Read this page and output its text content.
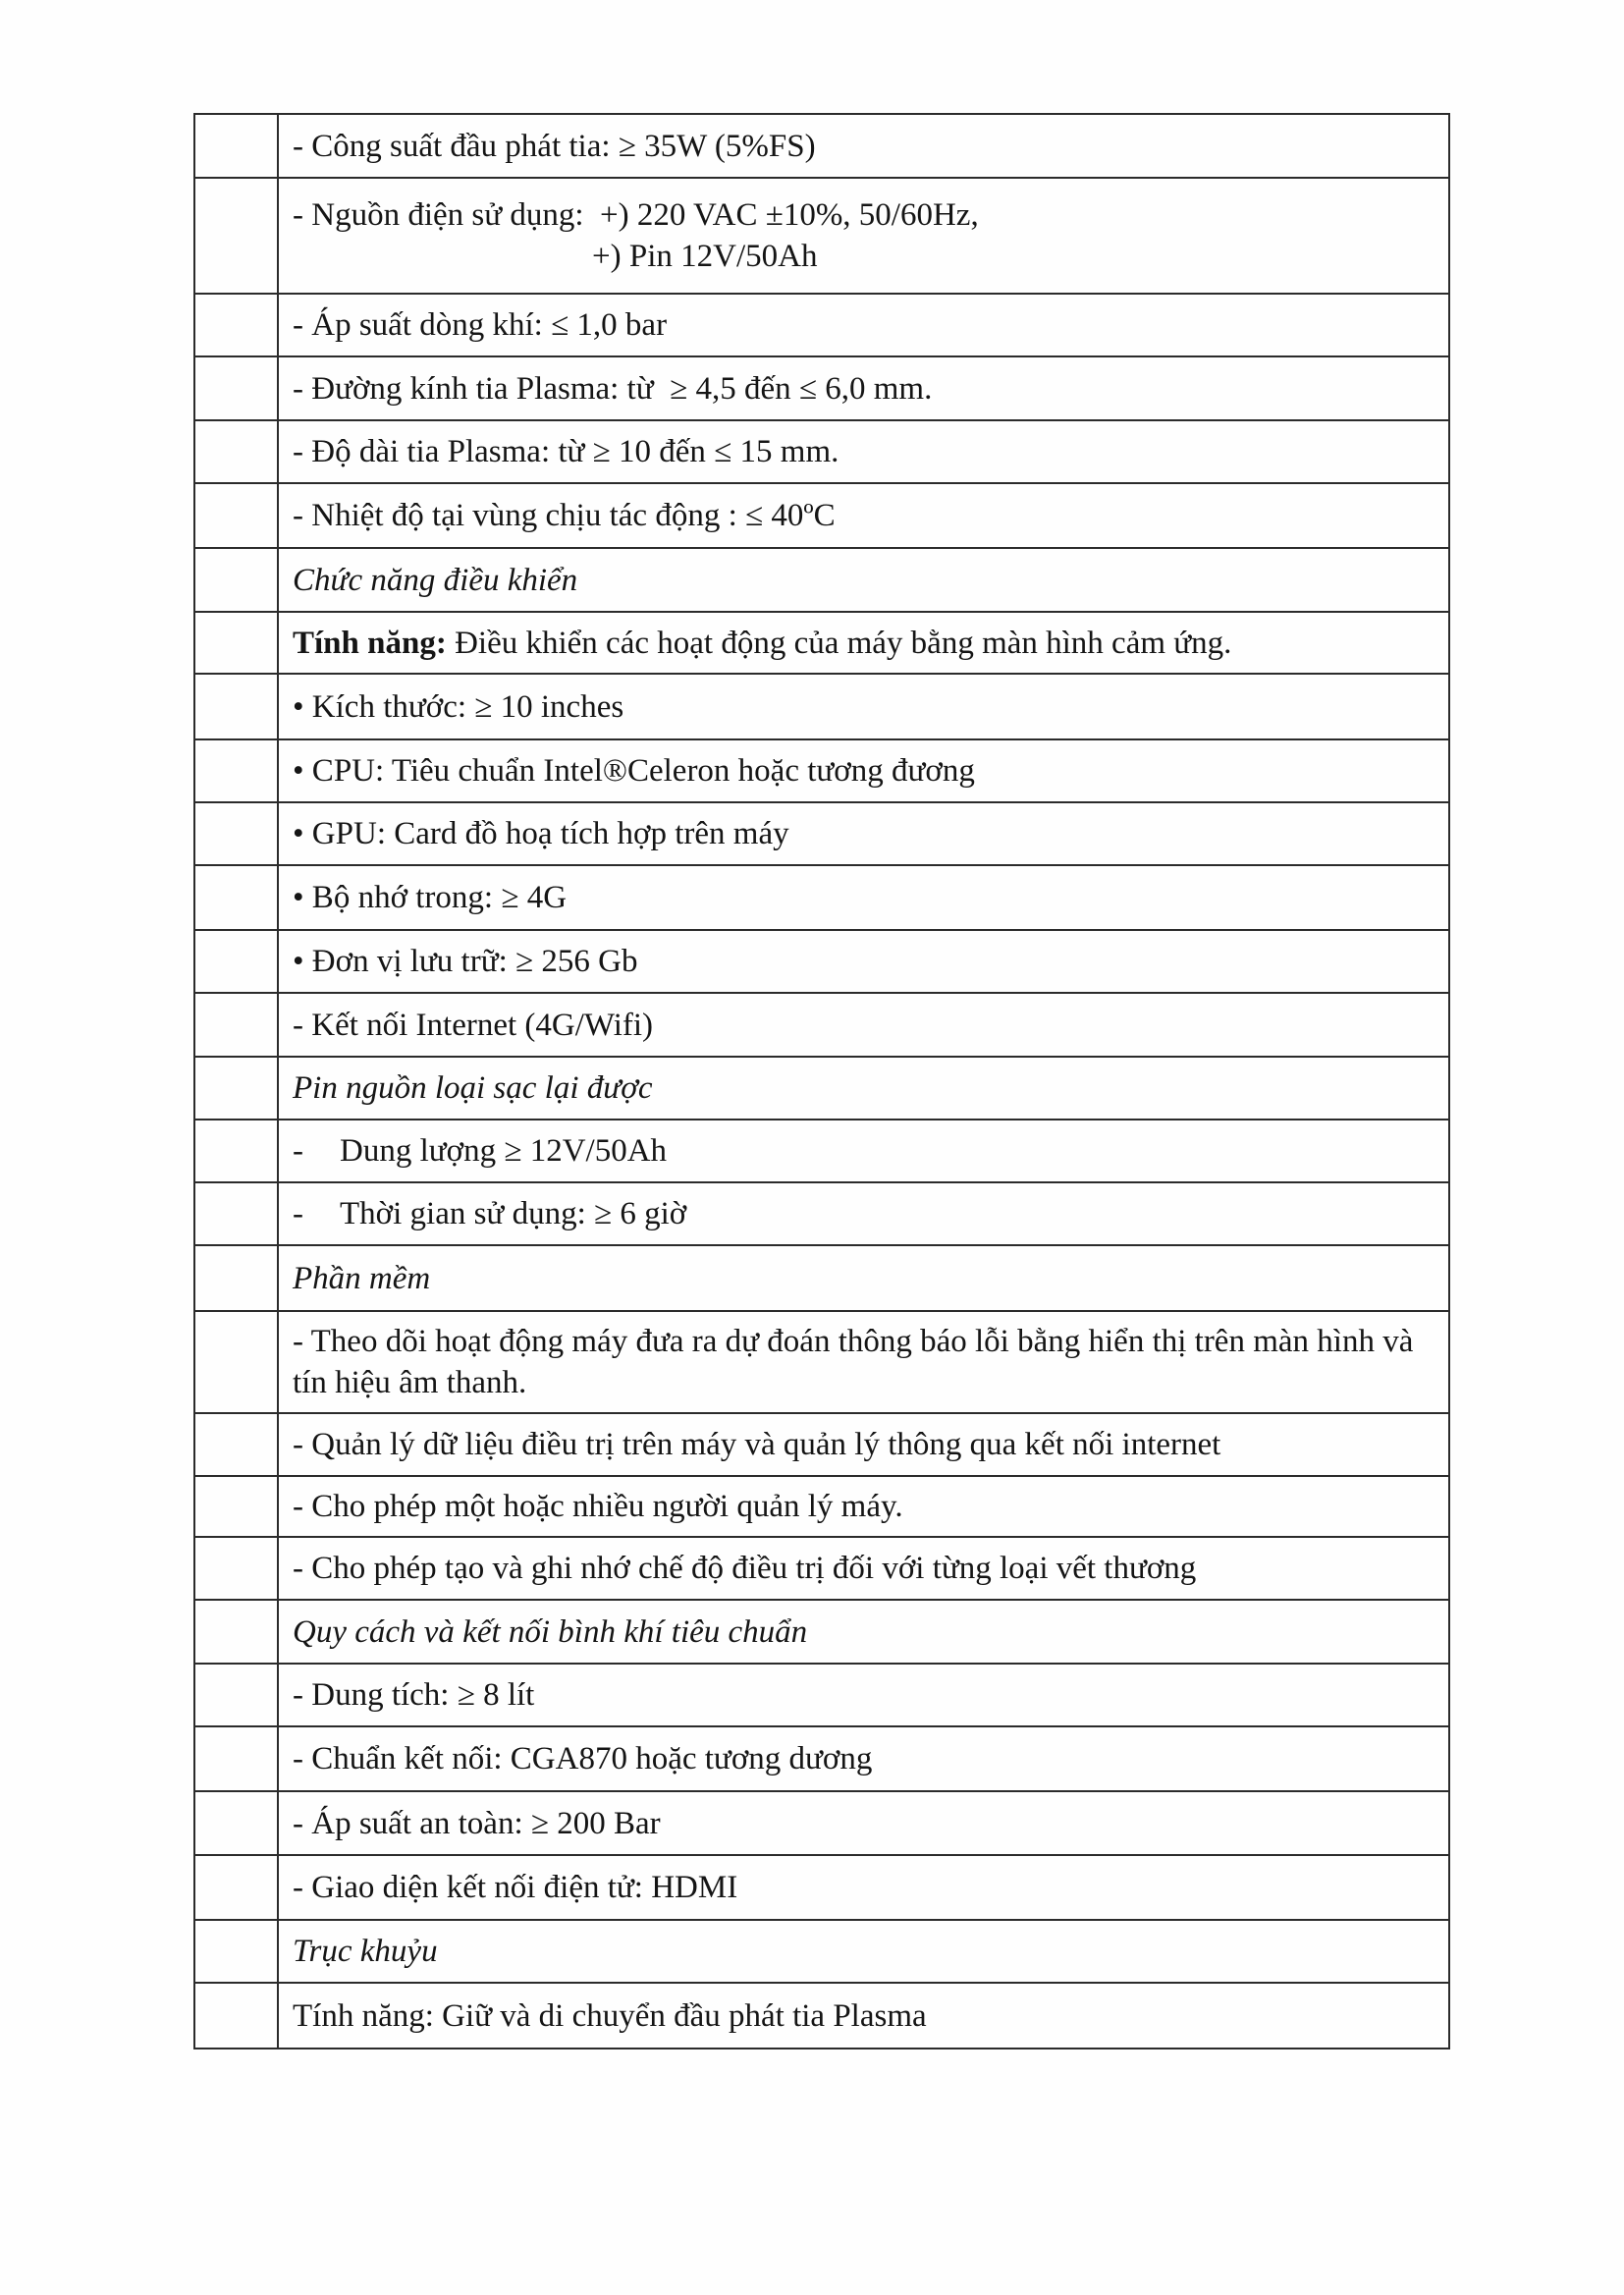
	- Công suất đầu phát tia: ≥ 35W (5%FS)
	- Nguồn điện sử dụng:  +) 220 VAC ±10%, 50/60Hz,
+) Pin 12V/50Ah

	- Áp suất dòng khí: ≤ 1,0 bar
	- Đường kính tia Plasma: từ  ≥ 4,5 đến ≤ 6,0 mm.
	- Độ dài tia Plasma: từ ≥ 10 đến ≤ 15 mm.
	- Nhiệt độ tại vùng chịu tác động : ≤ 40ºC
	Chức năng điều khiển
	Tính năng: Điều khiển các hoạt động của máy bằng màn hình cảm ứng.
	• Kích thước: ≥ 10 inches
	• CPU: Tiêu chuẩn Intel®Celeron hoặc tương đương
	• GPU: Card đồ hoạ tích hợp trên máy
	• Bộ nhớ trong: ≥ 4G
	• Đơn vị lưu trữ: ≥ 256 Gb
	- Kết nối Internet (4G/Wifi)
	Pin nguồn loại sạc lại được
	- Dung lượng ≥ 12V/50Ah
	- Thời gian sử dụng: ≥ 6 giờ
	Phần mềm

	- Theo dõi hoạt động máy đưa ra dự đoán thông báo lỗi bằng hiển thị trên màn hình và tín hiệu âm thanh.

	- Quản lý dữ liệu điều trị trên máy và quản lý thông qua kết nối internet
	- Cho phép một hoặc nhiều người quản lý máy.
	- Cho phép tạo và ghi nhớ chế độ điều trị đối với từng loại vết thương
	Quy cách và kết nối bình khí tiêu chuẩn
	- Dung tích: ≥ 8 lít
	- Chuẩn kết nối: CGA870 hoặc tương dương
	- Áp suất an toàn: ≥ 200 Bar
	- Giao diện kết nối điện tử: HDMI
	Trục khuỷu
	Tính năng: Giữ và di chuyển đầu phát tia Plasma
